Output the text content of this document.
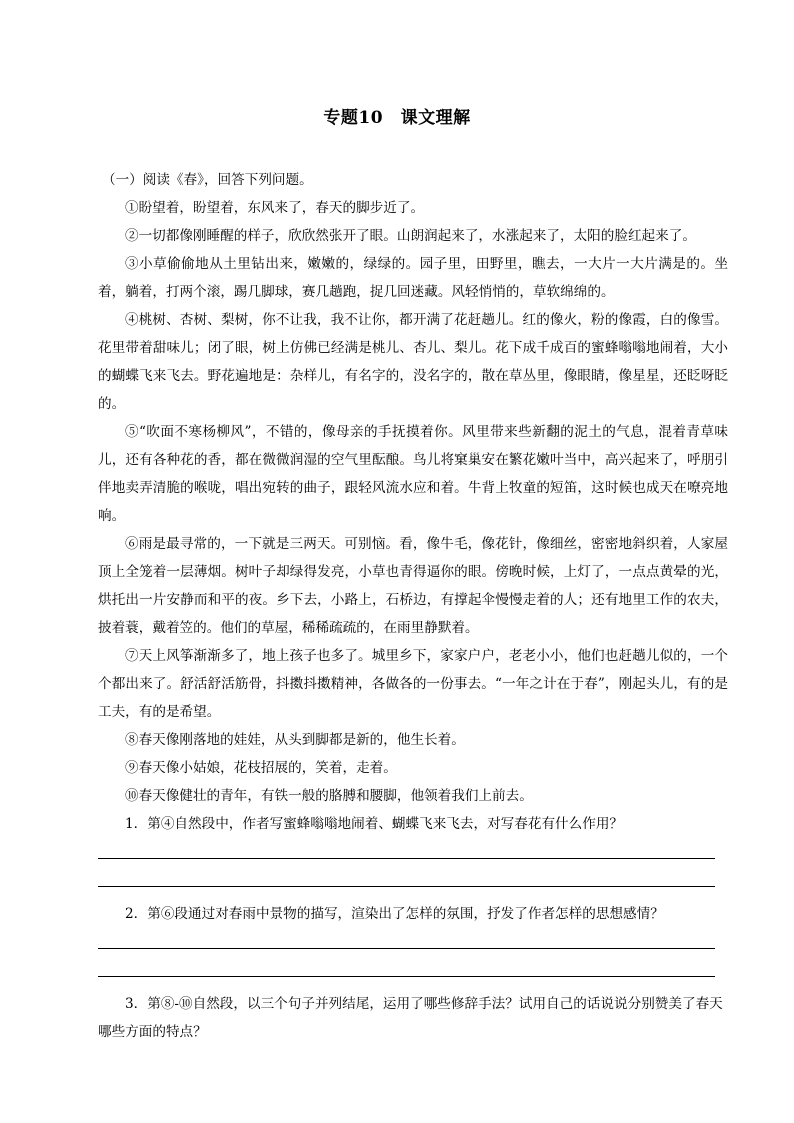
专题10　课文理解
（一）阅读《春》，回答下列问题。

①盼望着，盼望着，东风来了，春天的脚步近了。

②一切都像刚睡醒的样子，欣欣然张开了眼。山朗润起来了，水涨起来了，太阳的脸红起来了。

③小草偷偷地从土里钻出来，嫩嫩的，绿绿的。园子里，田野里，瞧去，一大片一大片满是的。坐着，躺着，打两个滚，踢几脚球，赛几趟跑，捉几回迷藏。风轻悄悄的，草软绵绵的。

④桃树、杏树、梨树，你不让我，我不让你，都开满了花赶趟儿。红的像火，粉的像霞，白的像雪。花里带着甜味儿；闭了眼，树上仿佛已经满是桃儿、杏儿、梨儿。花下成千成百的蜜蜂嗡嗡地闹着，大小的蝴蝶飞来飞去。野花遍地是：杂样儿，有名字的，没名字的，散在草丛里，像眼睛，像星星，还眨呀眨的。

⑤“吹面不寒杨柳风”，不错的，像母亲的手抚摸着你。风里带来些新翻的泥土的气息，混着青草味儿，还有各种花的香，都在微微润湿的空气里酝酿。鸟儿将窠巢安在繁花嫩叶当中，高兴起来了，呼朋引伴地卖弄清脆的喉咙，唱出宛转的曲子，跟轻风流水应和着。牛背上牧童的短笛，这时候也成天在嘹亮地响。

⑥雨是最寻常的，一下就是三两天。可别恼。看，像牛毛，像花针，像细丝，密密地斜织着，人家屋顶上全笼着一层薄烟。树叶子却绿得发亮，小草也青得逼你的眼。傍晚时候，上灯了，一点点黄晕的光，烘托出一片安静而和平的夜。乡下去，小路上，石桥边，有撑起伞慢慢走着的人；还有地里工作的农夫，披着蓑，戴着笠的。他们的草屋，稀稀疏疏的，在雨里静默着。

⑦天上风筝渐渐多了，地上孩子也多了。城里乡下，家家户户，老老小小，他们也赶趟儿似的，一个个都出来了。舒活舒活筋骨，抖擞抖擞精神，各做各的一份事去。“一年之计在于春”，刚起头儿，有的是工夫，有的是希望。

⑧春天像刚落地的娃娃，从头到脚都是新的，他生长着。

⑨春天像小姑娘，花枝招展的，笑着，走着。

⑩春天像健壮的青年，有铁一般的胳膊和腰脚，他领着我们上前去。

1．第④自然段中，作者写蜜蜂嗡嗡地闹着、蝴蝶飞来飞去，对写春花有什么作用？

2．第⑥段通过对春雨中景物的描写，渲染出了怎样的氛围，抒发了作者怎样的思想感情？

3．第⑧-⑩自然段，以三个句子并列结尾，运用了哪些修辞手法？试用自己的话说说分别赞美了春天哪些方面的特点？
